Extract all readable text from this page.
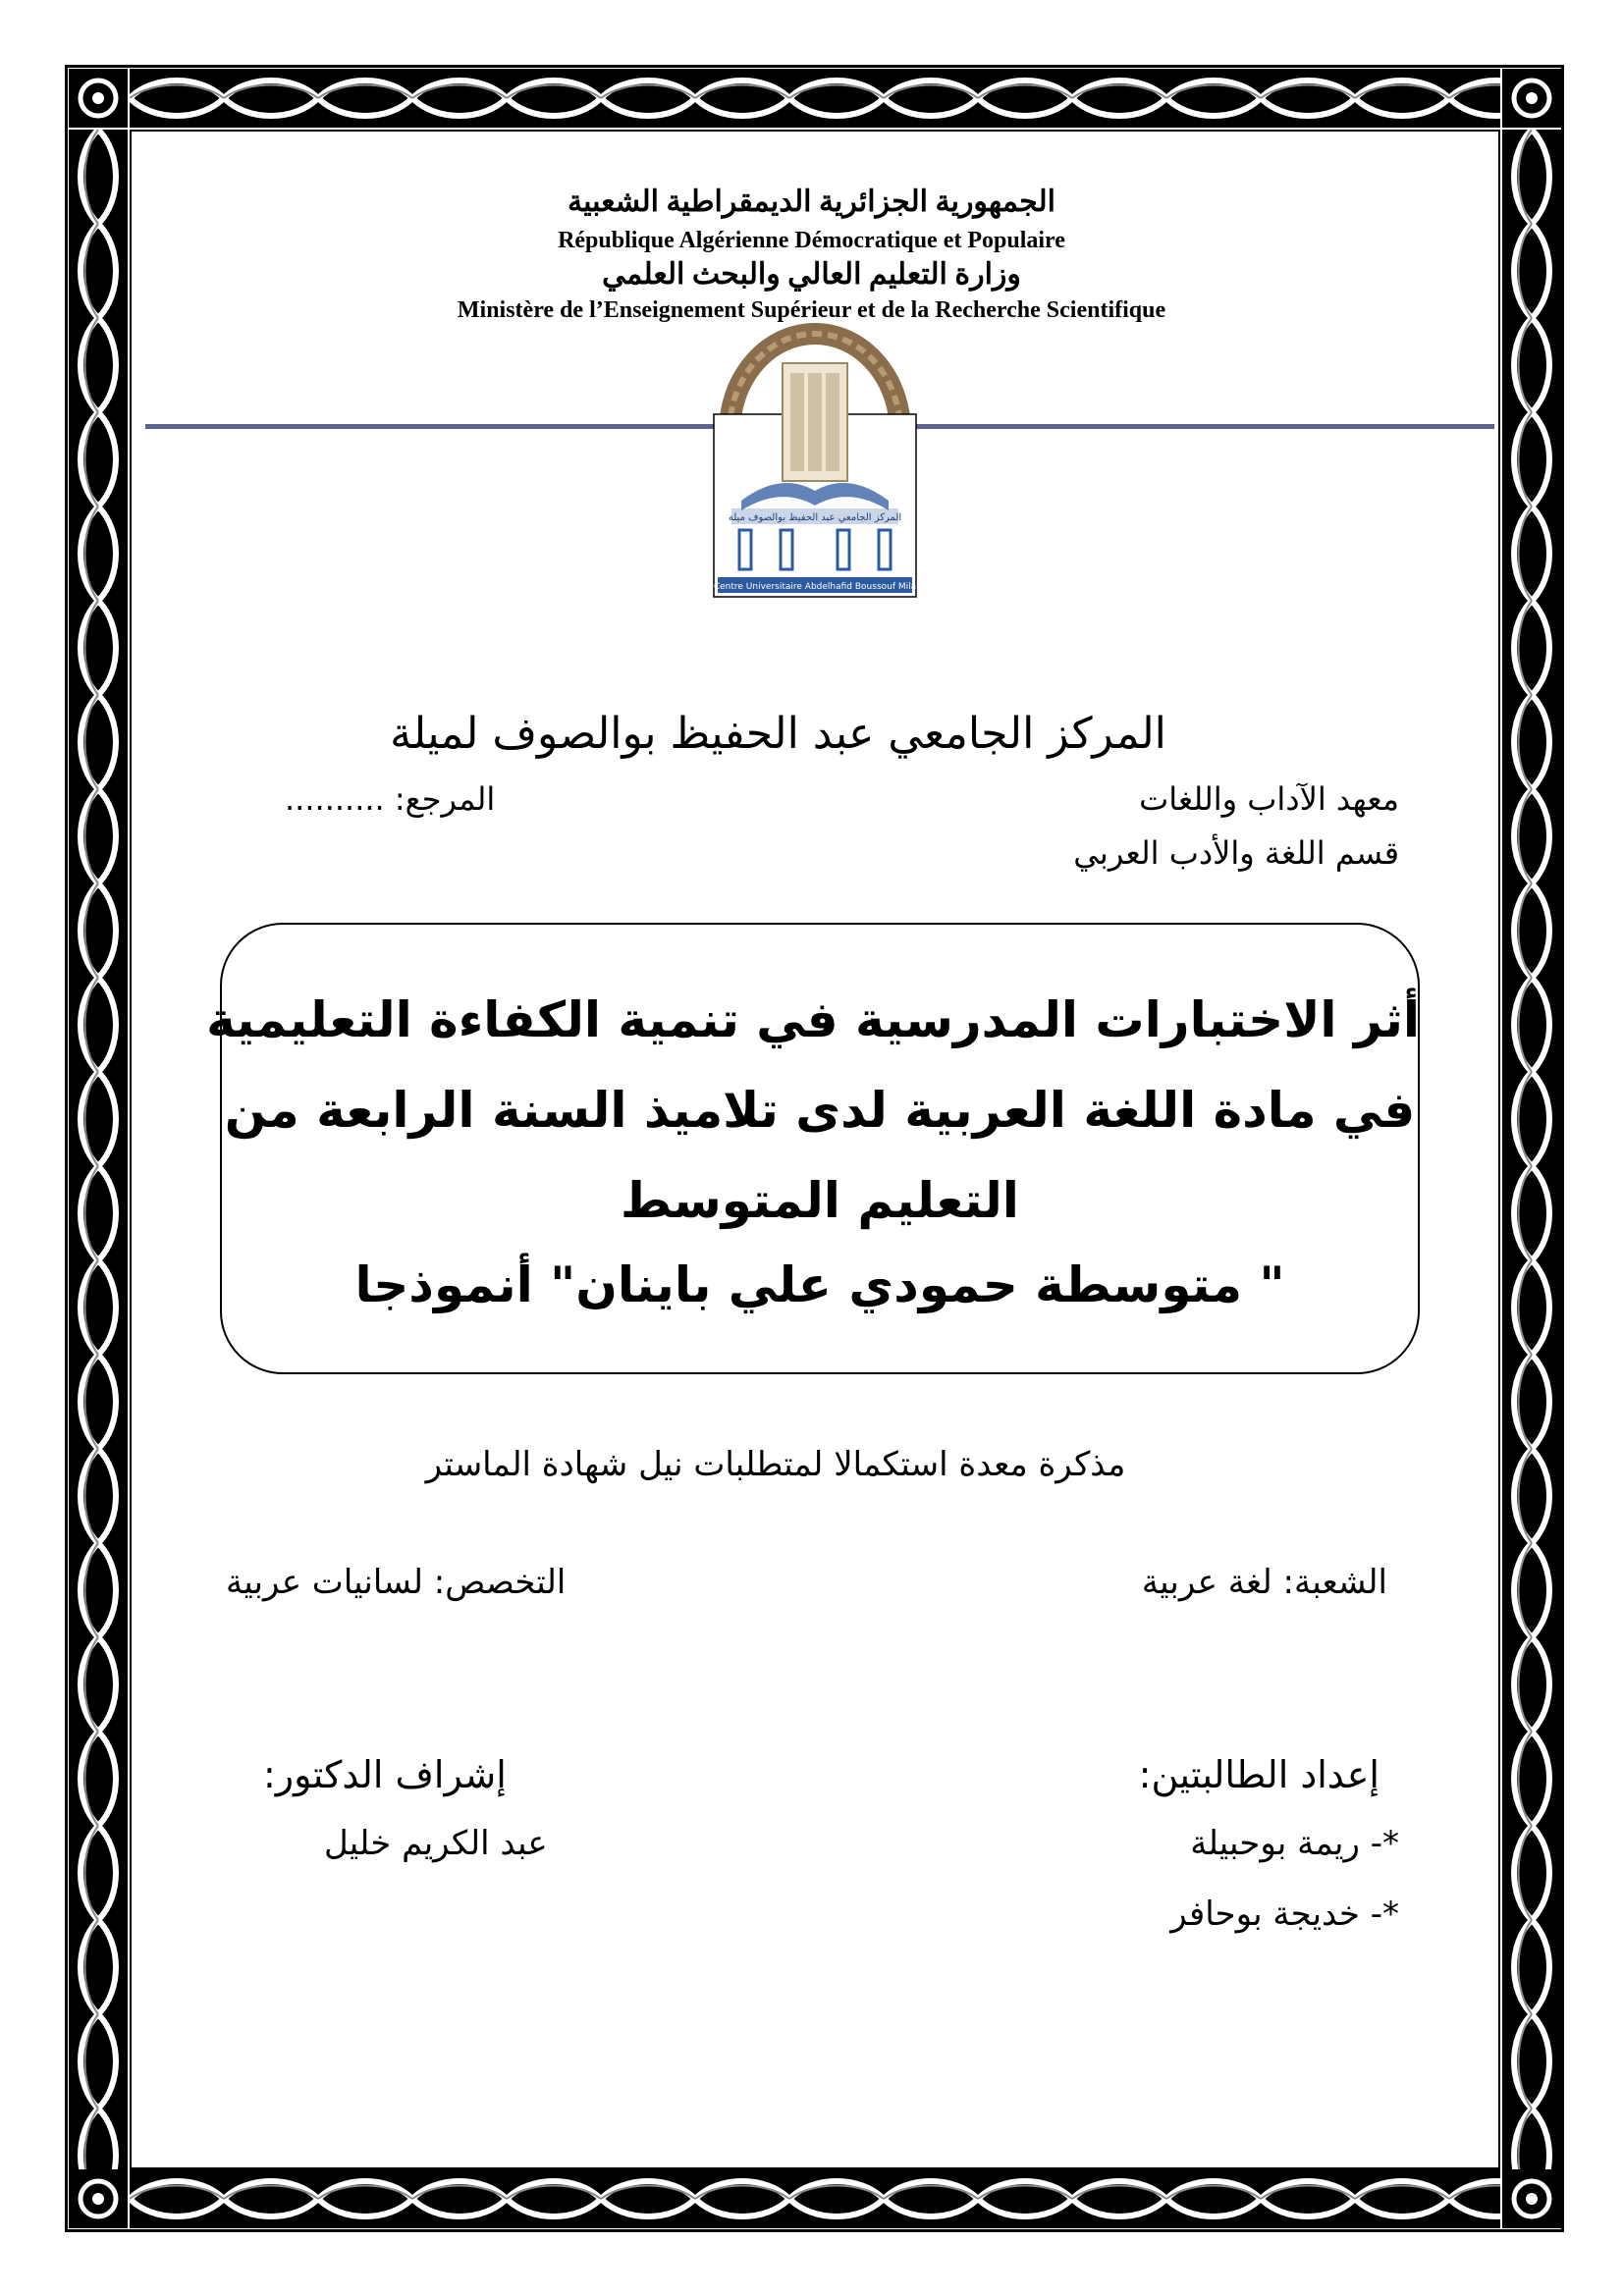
ﺍﻟﺠﻤﻬﻮﺭﻳﺔ ﺍﻟﺠﺰﺍﺋﺮﻳﺔ ﺍﻟﺪﻳﻤﻘﺮﺍﻃﻴﺔ ﺍﻟﺸﻌﺒﻴﺔ
République Algérienne Démocratique et Populaire
ﻭﺯﺍﺭﺓ ﺍﻟﺘﻌﻠﻴﻢ ﺍﻟﻌﺎﻟﻲ ﻭﺍﻟﺒﺤﺚ ﺍﻟﻌﻠﻤﻲ
Ministère de l’Enseignement Supérieur et de la Recherche Scientifique
المركز الجامعي عبد الحفيظ بوالصوف ميلة
Centre Universitaire Abdelhafid Boussouf Mila
المركز الجامعي عبد الحفيظ بوالصوف لميلة
معهد الآداب واللغات
المرجع: ..........
قسم اللغة والأدب العربي
أثر الاختبارات المدرسية في تنمية الكفاءة التعليمية
في مادة اللغة العربية لدى تلاميذ السنة الرابعة من
التعليم المتوسط
" متوسطة حمودي علي باينان" أنموذجا
مذكرة معدة استكمالا لمتطلبات نيل شهادة الماستر
الشعبة: لغة عربية
التخصص: لسانيات عربية
إعداد الطالبتين:
*- ريمة بوحبيلة
*- خديجة بوحافر
إشراف الدكتور:
عبد الكريم خليل
